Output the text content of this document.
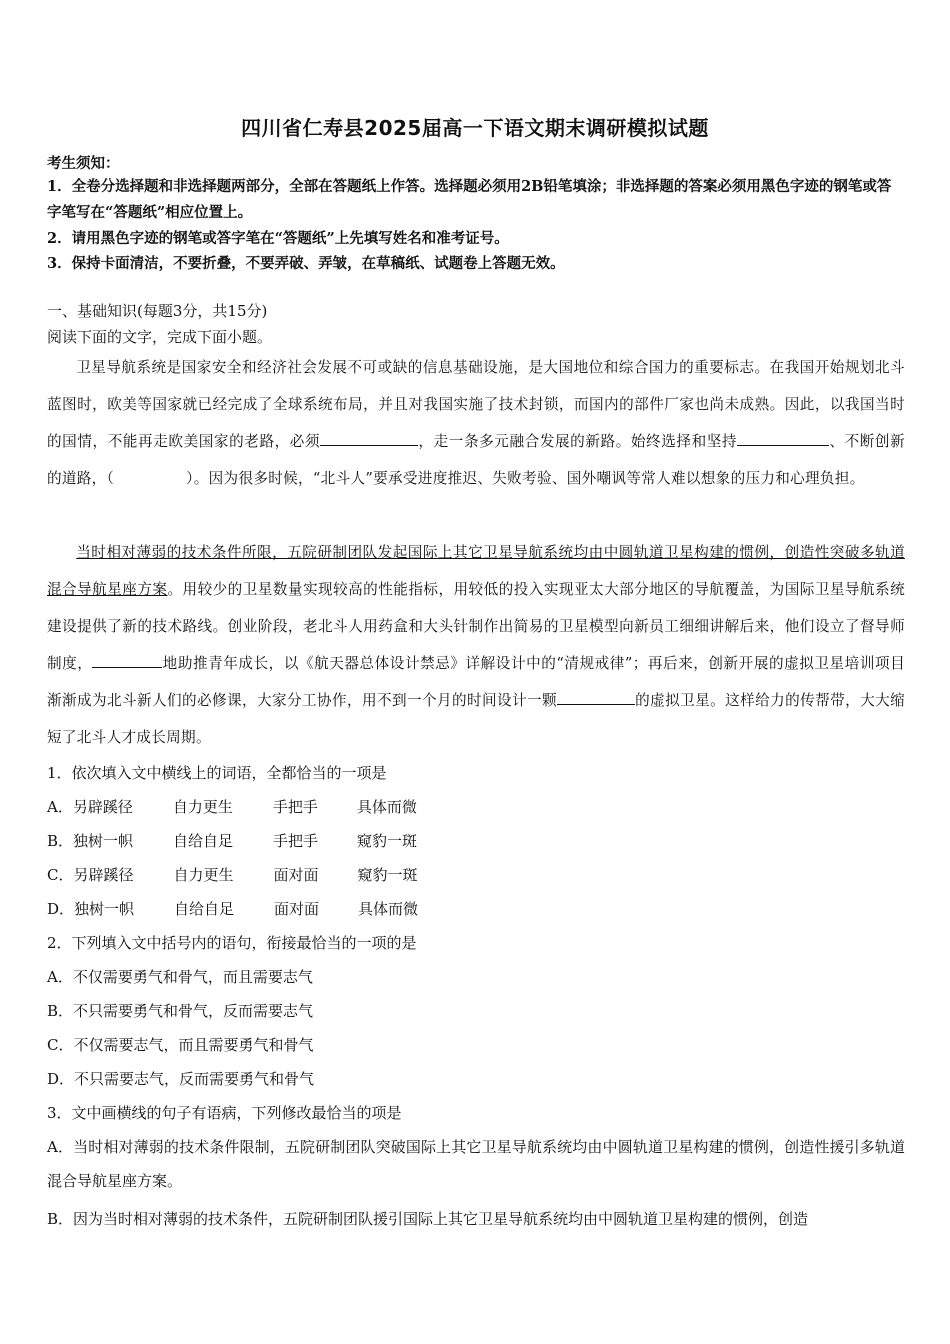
四川省仁寿县2025届高一下语文期末调研模拟试题
考生须知：
1．全卷分选择题和非选择题两部分，全部在答题纸上作答。选择题必须用2B铅笔填涂；非选择题的答案必须用黑色字迹的钢笔或答字笔写在“答题纸”相应位置上。
2．请用黑色字迹的钢笔或答字笔在“答题纸”上先填写姓名和准考证号。
3．保持卡面清洁，不要折叠，不要弄破、弄皱，在草稿纸、试题卷上答题无效。
一、基础知识(每题3分，共15分)
阅读下面的文字，完成下面小题。
卫星导航系统是国家安全和经济社会发展不可或缺的信息基础设施，是大国地位和综合国力的重要标志。在我国开始规划北斗蓝图时，欧美等国家就已经完成了全球系统布局，并且对我国实施了技术封锁，而国内的部件厂家也尚未成熟。因此，以我国当时的国情，不能再走欧美国家的老路，必须	，走一条多元融合发展的新路。始终选择和坚持	、不断创新的道路，（	）。因为很多时候，“北斗人”要承受进度推迟、失败考验、国外嘲讽等常人难以想象的压力和心理负担。
当时相对薄弱的技术条件所限，五院研制团队发起国际上其它卫星导航系统均由中圆轨道卫星构建的惯例，创造性突破多轨道混合导航星座方案。用较少的卫星数量实现较高的性能指标，用较低的投入实现亚太大部分地区的导航覆盖，为国际卫星导航系统建设提供了新的技术路线。创业阶段，老北斗人用药盒和大头针制作出简易的卫星模型向新员工细细讲解后来，他们设立了督导师制度，	地助推青年成长，以《航天器总体设计禁忌》详解设计中的“清规戒律”；再后来，创新开展的虚拟卫星培训项目渐渐成为北斗新人们的必修课，大家分工协作，用不到一个月的时间设计一颗	的虚拟卫星。这样给力的传帮带，大大缩短了北斗人才成长周期。
1．依次填入文中横线上的词语，全都恰当的一项是
A．另辟蹊径	自力更生	手把手	具体而微
B．独树一帜	自给自足	手把手	窥豹一斑
C．另辟蹊径	自力更生	面对面	窥豹一斑
D．独树一帜	自给自足	面对面	具体而微
2．下列填入文中括号内的语句，衔接最恰当的一项的是
A．不仅需要勇气和骨气，而且需要志气
B．不只需要勇气和骨气，反而需要志气
C．不仅需要志气，而且需要勇气和骨气
D．不只需要志气，反而需要勇气和骨气
3．文中画横线的句子有语病，下列修改最恰当的项是
A．当时相对薄弱的技术条件限制，五院研制团队突破国际上其它卫星导航系统均由中圆轨道卫星构建的惯例，创造性援引多轨道混合导航星座方案。
B．因为当时相对薄弱的技术条件，五院研制团队援引国际上其它卫星导航系统均由中圆轨道卫星构建的惯例，创造
